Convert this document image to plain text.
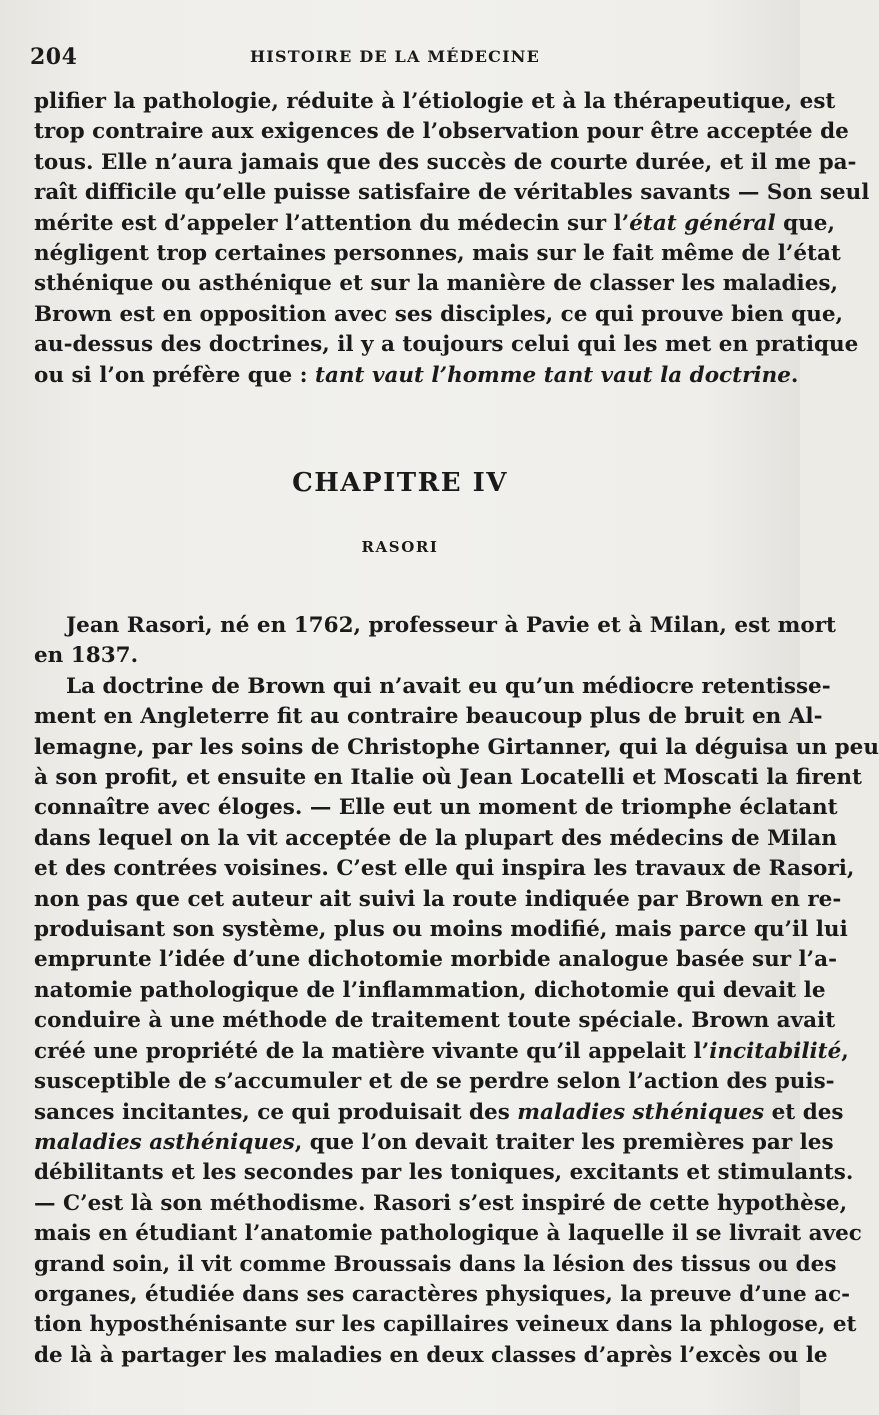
204	HISTOIRE DE LA MÉDECINE
plifier la pathologie, réduite à l’étiologie et à la thérapeutique, est
trop contraire aux exigences de l’observation pour être acceptée de
tous. Elle n’aura jamais que des succès de courte durée, et il me pa-
raît difficile qu’elle puisse satisfaire de véritables savants — Son seul
mérite est d’appeler l’attention du médecin sur l’état général que,
négligent trop certaines personnes, mais sur le fait même de l’état
sthénique ou asthénique et sur la manière de classer les maladies,
Brown est en opposition avec ses disciples, ce qui prouve bien que,
au-dessus des doctrines, il y a toujours celui qui les met en pratique
ou si l’on préfère que : tant vaut l’homme tant vaut la doctrine.
CHAPITRE IV
RASORI
Jean Rasori, né en 1762, professeur à Pavie et à Milan, est mort
en 1837.
La doctrine de Brown qui n’avait eu qu’un médiocre retentisse-
ment en Angleterre fit au contraire beaucoup plus de bruit en Al-
lemagne, par les soins de Christophe Girtanner, qui la déguisa un peu
à son profit, et ensuite en Italie où Jean Locatelli et Moscati la firent
connaître avec éloges. — Elle eut un moment de triomphe éclatant
dans lequel on la vit acceptée de la plupart des médecins de Milan
et des contrées voisines. C’est elle qui inspira les travaux de Rasori,
non pas que cet auteur ait suivi la route indiquée par Brown en re-
produisant son système, plus ou moins modifié, mais parce qu’il lui
emprunte l’idée d’une dichotomie morbide analogue basée sur l’a-
natomie pathologique de l’inflammation, dichotomie qui devait le
conduire à une méthode de traitement toute spéciale. Brown avait
créé une propriété de la matière vivante qu’il appelait l’incitabilité,
susceptible de s’accumuler et de se perdre selon l’action des puis-
sances incitantes, ce qui produisait des maladies sthéniques et des
maladies asthéniques, que l’on devait traiter les premières par les
débilitants et les secondes par les toniques, excitants et stimulants.
— C’est là son méthodisme. Rasori s’est inspiré de cette hypothèse,
mais en étudiant l’anatomie pathologique à laquelle il se livrait avec
grand soin, il vit comme Broussais dans la lésion des tissus ou des
organes, étudiée dans ses caractères physiques, la preuve d’une ac-
tion hyposthénisante sur les capillaires veineux dans la phlogose, et
de là à partager les maladies en deux classes d’après l’excès ou le
